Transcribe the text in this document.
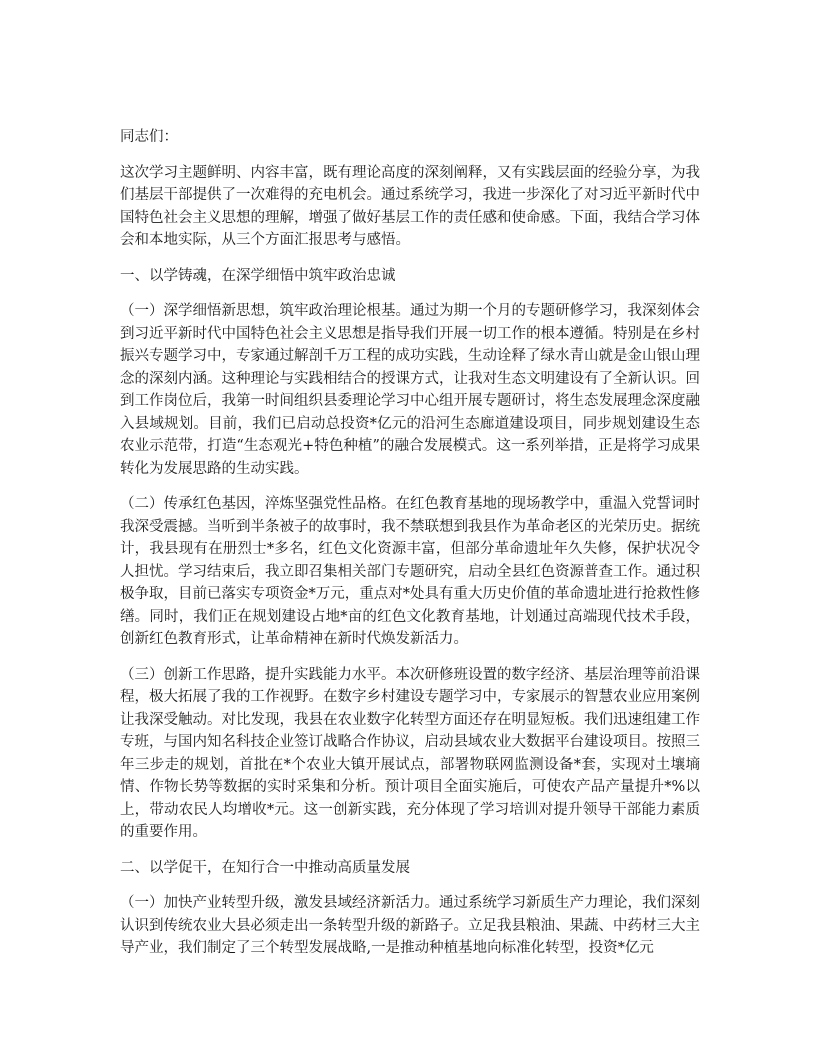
同志们：

这次学习主题鲜明、内容丰富，既有理论高度的深刻阐释，又有实践层面的经验分享，为我们基层干部提供了一次难得的充电机会。通过系统学习，我进一步深化了对习近平新时代中国特色社会主义思想的理解，增强了做好基层工作的责任感和使命感。下面，我结合学习体会和本地实际，从三个方面汇报思考与感悟。

一、以学铸魂，在深学细悟中筑牢政治忠诚

（一）深学细悟新思想，筑牢政治理论根基。通过为期一个月的专题研修学习，我深刻体会到习近平新时代中国特色社会主义思想是指导我们开展一切工作的根本遵循。特别是在乡村振兴专题学习中，专家通过解剖千万工程的成功实践，生动诠释了绿水青山就是金山银山理念的深刻内涵。这种理论与实践相结合的授课方式，让我对生态文明建设有了全新认识。回到工作岗位后，我第一时间组织县委理论学习中心组开展专题研讨，将生态发展理念深度融入县域规划。目前，我们已启动总投资*亿元的沿河生态廊道建设项目，同步规划建设生态农业示范带，打造“生态观光+特色种植”的融合发展模式。这一系列举措，正是将学习成果转化为发展思路的生动实践。

（二）传承红色基因，淬炼坚强党性品格。在红色教育基地的现场教学中，重温入党誓词时我深受震撼。当听到半条被子的故事时，我不禁联想到我县作为革命老区的光荣历史。据统计，我县现有在册烈士*多名，红色文化资源丰富，但部分革命遗址年久失修，保护状况令人担忧。学习结束后，我立即召集相关部门专题研究，启动全县红色资源普查工作。通过积极争取，目前已落实专项资金*万元，重点对*处具有重大历史价值的革命遗址进行抢救性修缮。同时，我们正在规划建设占地*亩的红色文化教育基地，计划通过高端现代技术手段，创新红色教育形式，让革命精神在新时代焕发新活力。

（三）创新工作思路，提升实践能力水平。本次研修班设置的数字经济、基层治理等前沿课程，极大拓展了我的工作视野。在数字乡村建设专题学习中，专家展示的智慧农业应用案例让我深受触动。对比发现，我县在农业数字化转型方面还存在明显短板。我们迅速组建工作专班，与国内知名科技企业签订战略合作协议，启动县域农业大数据平台建设项目。按照三年三步走的规划，首批在*个农业大镇开展试点，部署物联网监测设备*套，实现对土壤墒情、作物长势等数据的实时采集和分析。预计项目全面实施后，可使农产品产量提升*%以上，带动农民人均增收*元。这一创新实践，充分体现了学习培训对提升领导干部能力素质的重要作用。

二、以学促干，在知行合一中推动高质量发展

（一）加快产业转型升级，激发县域经济新活力。通过系统学习新质生产力理论，我们深刻认识到传统农业大县必须走出一条转型升级的新路子。立足我县粮油、果蔬、中药材三大主导产业，我们制定了三个转型发展战略,一是推动种植基地向标准化转型，投资*亿元
